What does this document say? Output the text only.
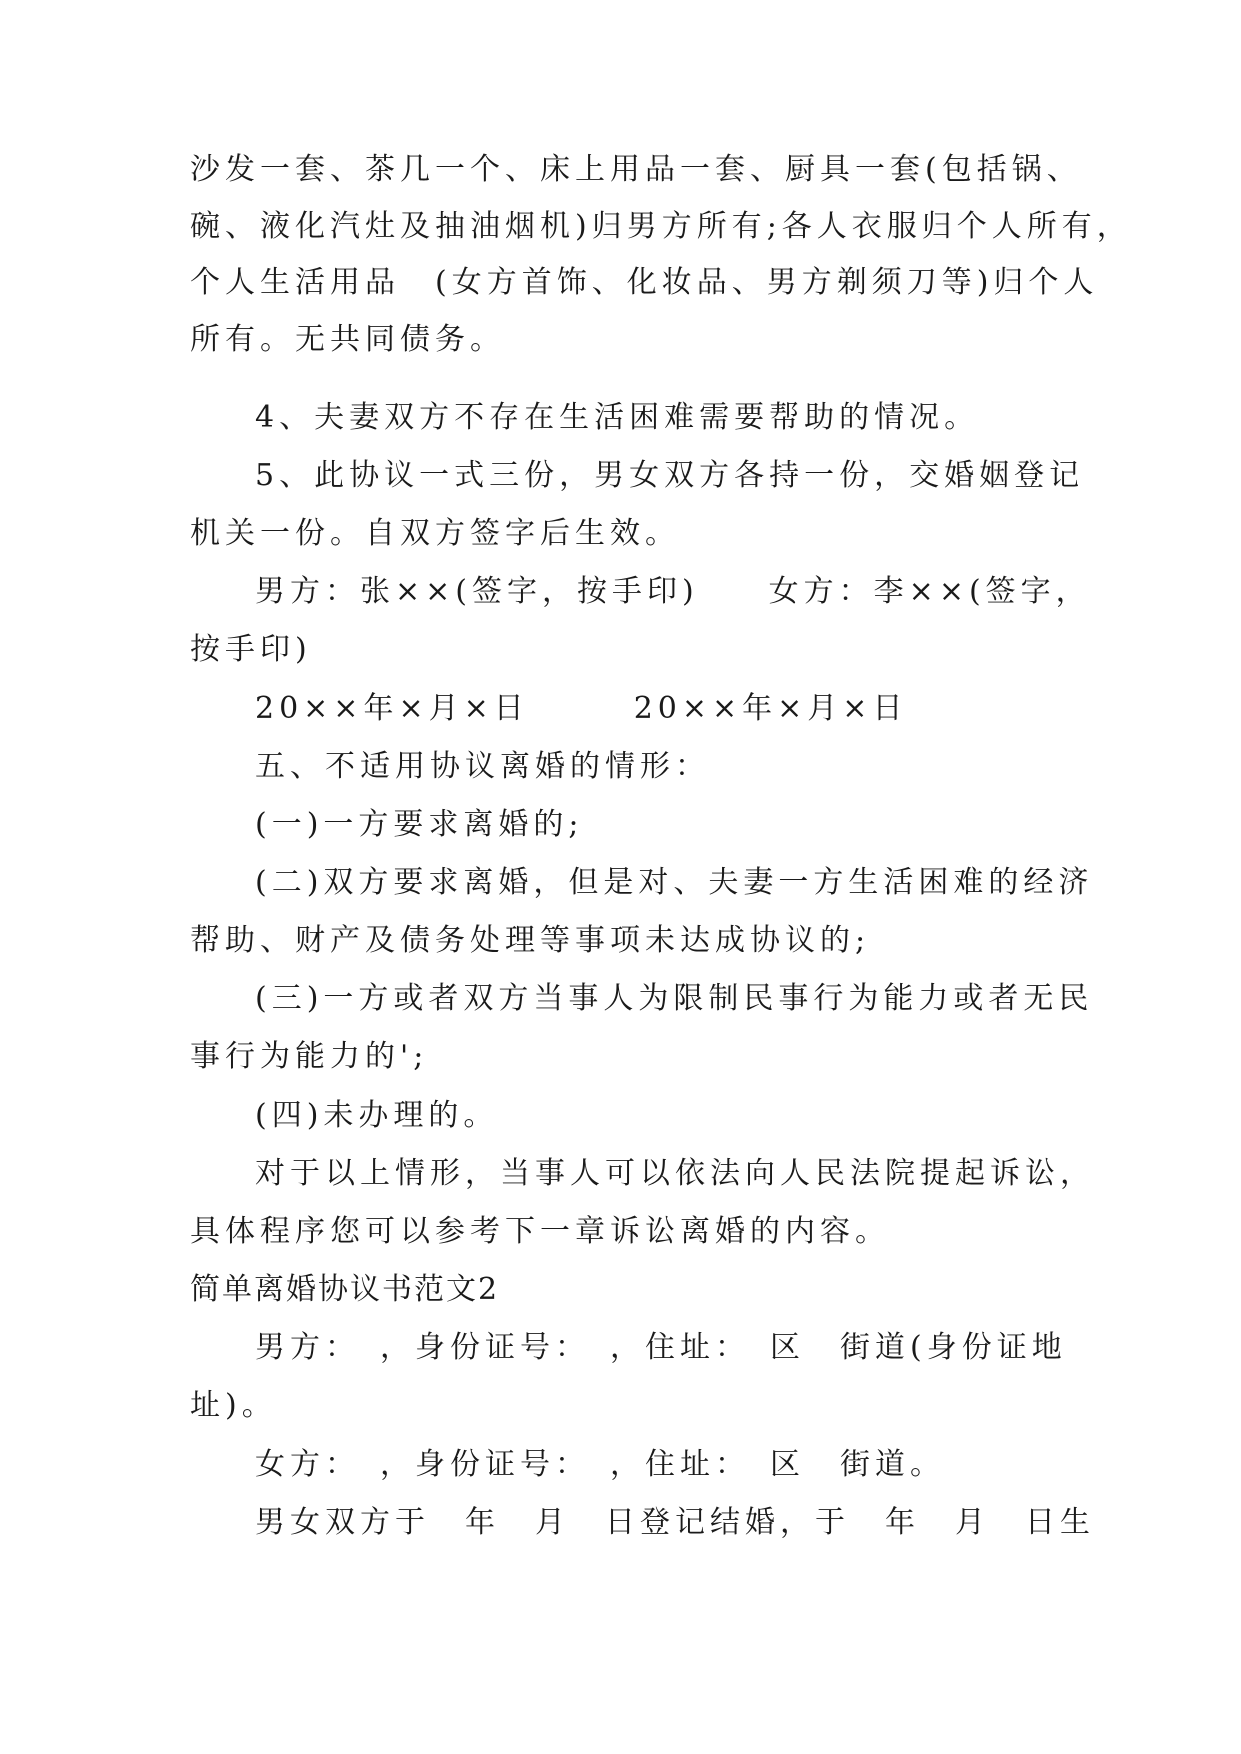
沙发一套、茶几一个、床上用品一套、厨具一套(包括锅、
碗、液化汽灶及抽油烟机)归男方所有;各人衣服归个人所有，
个人生活用品　(女方首饰、化妆品、男方剃须刀等)归个人
所有。无共同债务。
4、夫妻双方不存在生活困难需要帮助的情况。
5、此协议一式三份，男女双方各持一份，交婚姻登记
机关一份。自双方签字后生效。
男方：张××(签字，按手印)　　女方：李××(签字，
按手印)
20××年×月×日　　　20××年×月×日
五、不适用协议离婚的情形：
(一)一方要求离婚的;
(二)双方要求离婚，但是对、夫妻一方生活困难的经济
帮助、财产及债务处理等事项未达成协议的;
(三)一方或者双方当事人为限制民事行为能力或者无民
事行为能力的';
(四)未办理的。
对于以上情形，当事人可以依法向人民法院提起诉讼，
具体程序您可以参考下一章诉讼离婚的内容。
简单离婚协议书范文2
男方：　，身份证号：　，住址：　区　街道(身份证地
址)。
女方：　，身份证号：　，住址：　区　街道。
男女双方于　年　月　日登记结婚，于　年　月　日生
